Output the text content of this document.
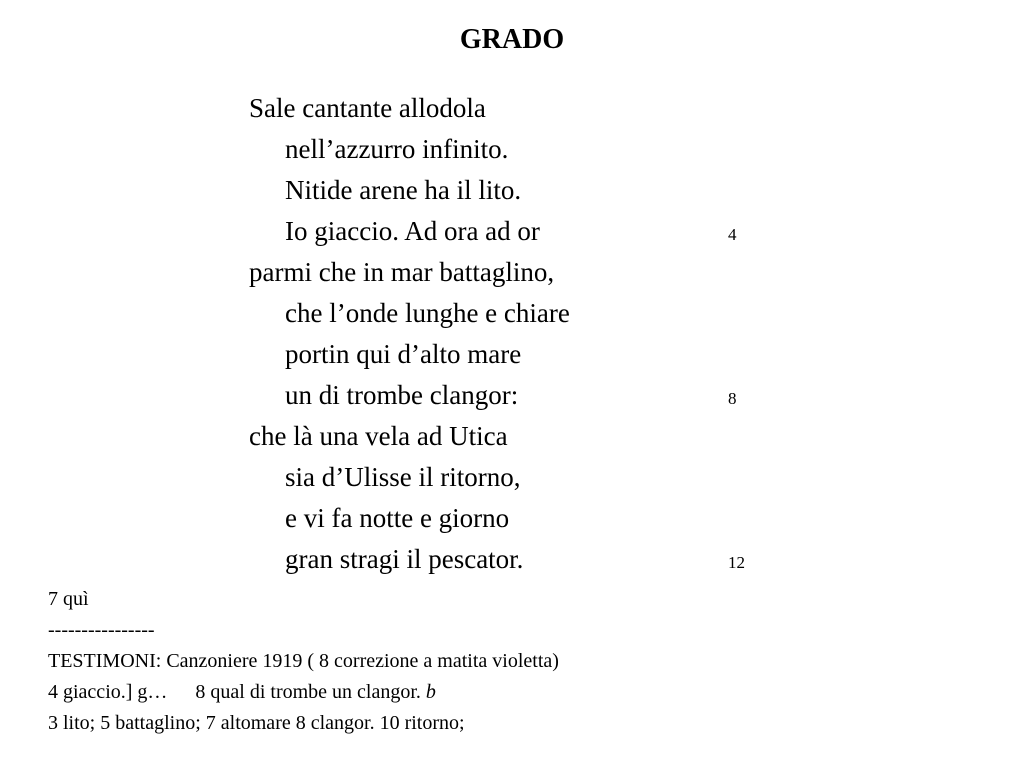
GRADO
Sale cantante allodola
nell’azzurro infinito.
Nitide arene ha il lito.
Io giaccio. Ad ora ad or	4
parmi che in mar battaglino,
che l’onde lunghe e chiare
portin qui d’alto mare
un di trombe clangor:	8
che là una vela ad Utica
sia d’Ulisse il ritorno,
e vi fa notte e giorno
gran stragi il pescator.	12
7 quì
----------------
TESTIMONI: Canzoniere 1919 ( 8 correzione a matita violetta)
4 giaccio.] g… 8 qual di trombe un clangor. b
3 lito; 5 battaglino; 7 altomare 8 clangor. 10 ritorno;
